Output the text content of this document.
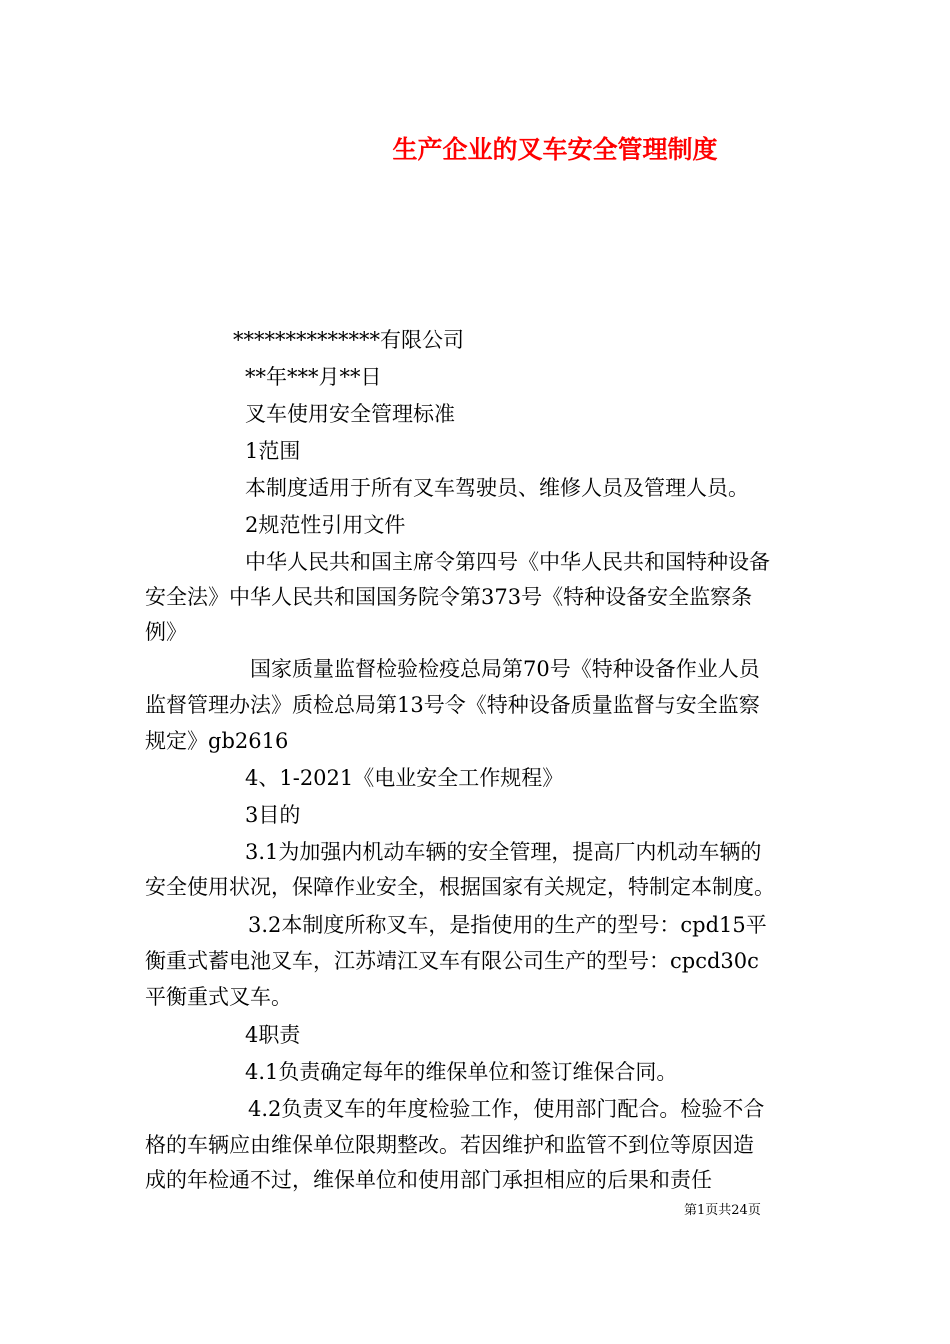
生产企业的叉车安全管理制度
**************有限公司
**年***月**日
叉车使用安全管理标准
1范围
本制度适用于所有叉车驾驶员、维修人员及管理人员。
2规范性引用文件
中华人民共和国主席令第四号《中华人民共和国特种设备
安全法》中华人民共和国国务院令第373号《特种设备安全监察条
例》
国家质量监督检验检疫总局第70号《特种设备作业人员
监督管理办法》质检总局第13号令《特种设备质量监督与安全监察
规定》gb2616
4、1-2021《电业安全工作规程》
3目的
3.1为加强内机动车辆的安全管理，提高厂内机动车辆的
安全使用状况，保障作业安全，根据国家有关规定，特制定本制度。
3.2本制度所称叉车，是指使用的生产的型号：cpd15平
衡重式蓄电池叉车，江苏靖江叉车有限公司生产的型号：cpcd30c
平衡重式叉车。
4职责
4.1负责确定每年的维保单位和签订维保合同。
4.2负责叉车的年度检验工作，使用部门配合。检验不合
格的车辆应由维保单位限期整改。若因维护和监管不到位等原因造
成的年检通不过，维保单位和使用部门承担相应的后果和责任
第1页共24页
